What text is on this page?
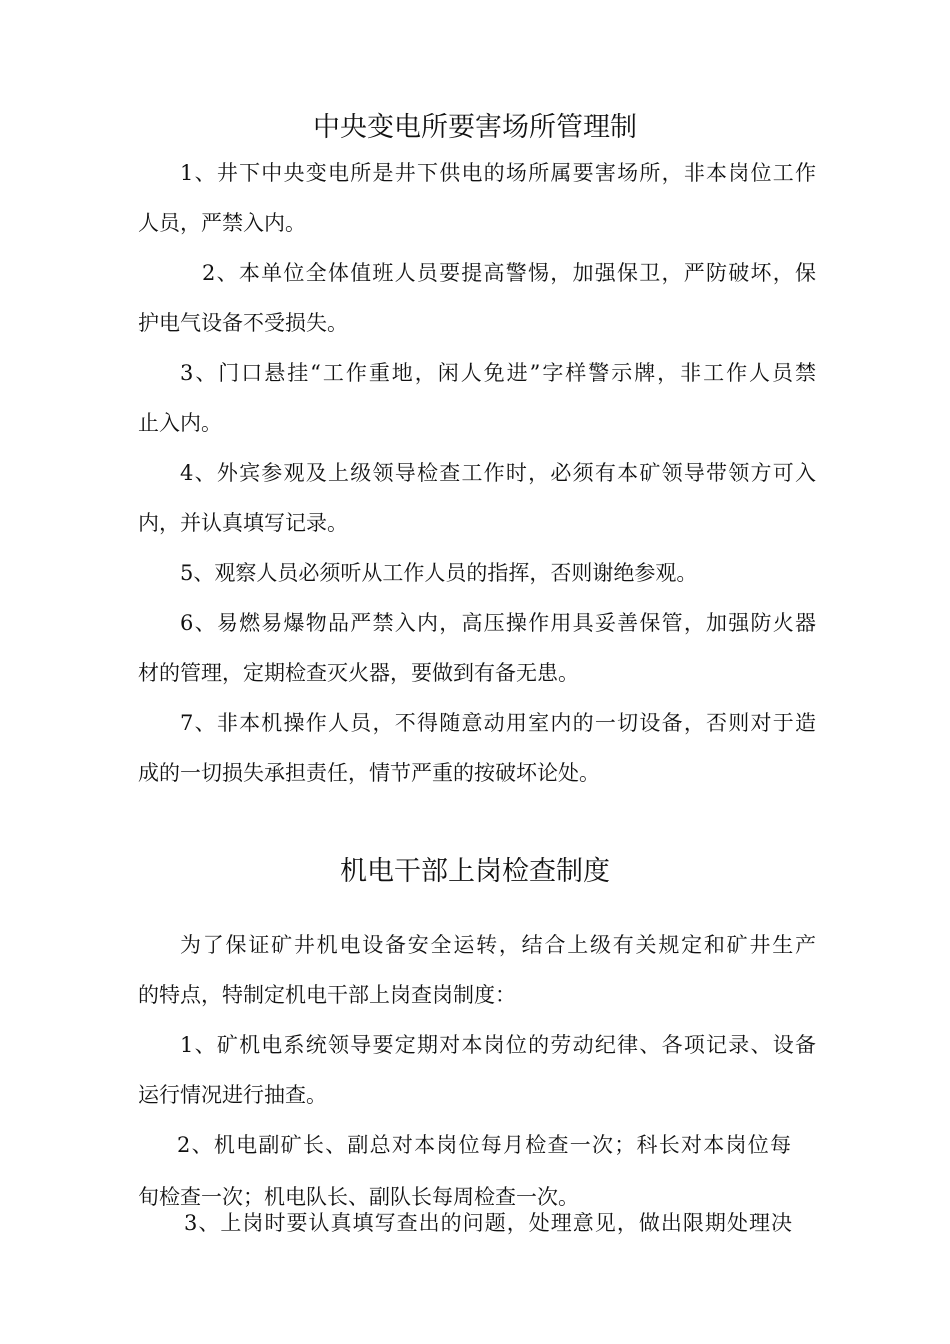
中央变电所要害场所管理制

1、井下中央变电所是井下供电的场所属要害场所，非本岗位工作

人员，严禁入内。

2、本单位全体值班人员要提高警惕，加强保卫，严防破坏，保

护电气设备不受损失。

3、门口悬挂“工作重地，闲人免进”字样警示牌，非工作人员禁

止入内。

4、外宾参观及上级领导检查工作时，必须有本矿领导带领方可入

内，并认真填写记录。

5、观察人员必须听从工作人员的指挥，否则谢绝参观。

6、易燃易爆物品严禁入内，高压操作用具妥善保管，加强防火器

材的管理，定期检查灭火器，要做到有备无患。

7、非本机操作人员，不得随意动用室内的一切设备，否则对于造

成的一切损失承担责任，情节严重的按破坏论处。

机电干部上岗检查制度

为了保证矿井机电设备安全运转，结合上级有关规定和矿井生产

的特点，特制定机电干部上岗查岗制度：

1、矿机电系统领导要定期对本岗位的劳动纪律、各项记录、设备

运行情况进行抽查。

2、机电副矿长、副总对本岗位每月检查一次；科长对本岗位每

旬检查一次；机电队长、副队长每周检查一次。

3、上岗时要认真填写查出的问题，处理意见，做出限期处理决
